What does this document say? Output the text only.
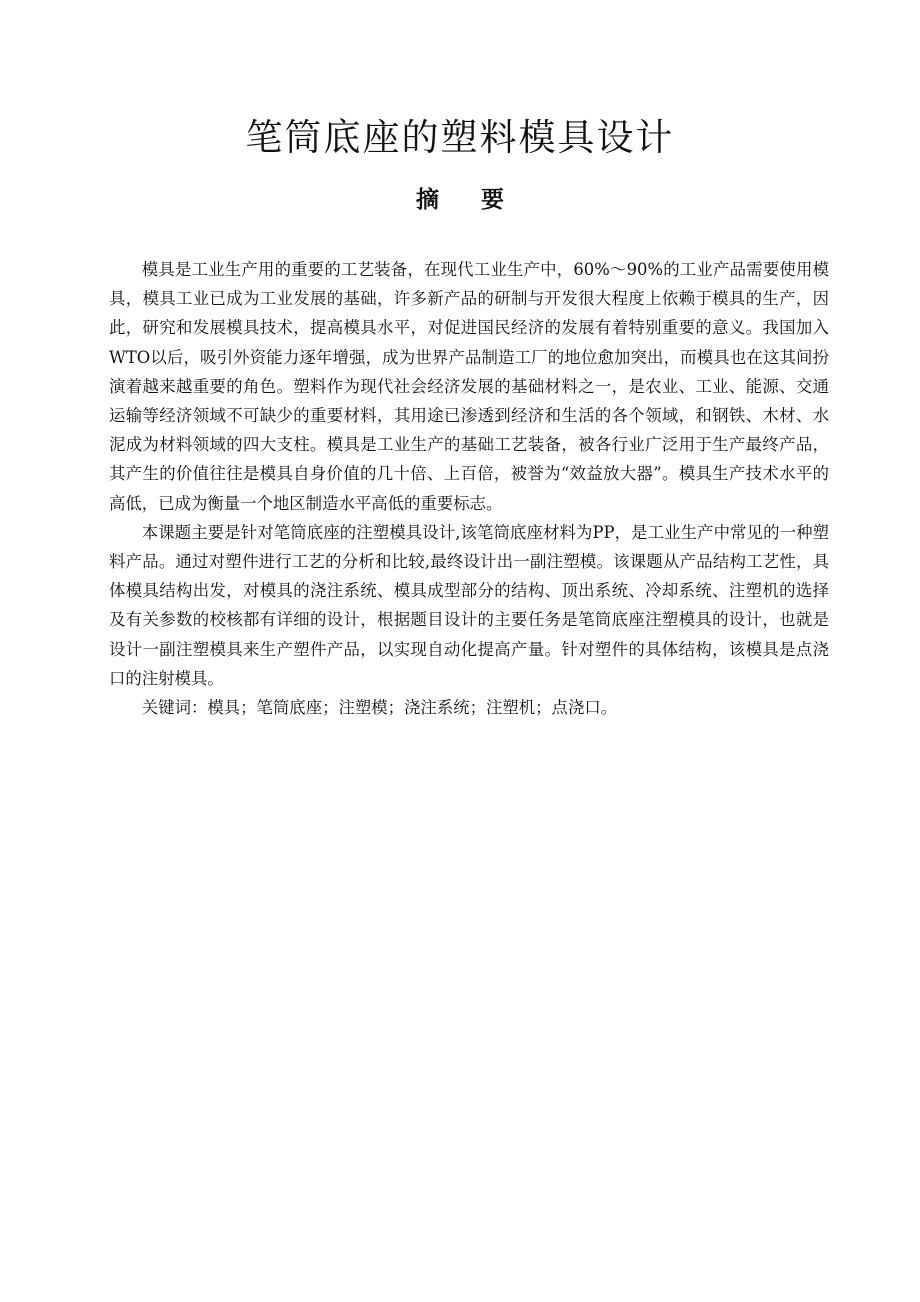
笔筒底座的塑料模具设计
摘 要

模具是工业生产用的重要的工艺装备，在现代工业生产中，60%～90%的工业产品需要使用模具，模具工业已成为工业发展的基础，许多新产品的研制与开发很大程度上依赖于模具的生产，因此，研究和发展模具技术，提高模具水平，对促进国民经济的发展有着特别重要的意义。我国加入WTO以后，吸引外资能力逐年增强，成为世界产品制造工厂的地位愈加突出，而模具也在这其间扮演着越来越重要的角色。塑料作为现代社会经济发展的基础材料之一，是农业、工业、能源、交通运输等经济领域不可缺少的重要材料，其用途已渗透到经济和生活的各个领域，和钢铁、木材、水泥成为材料领域的四大支柱。模具是工业生产的基础工艺装备，被各行业广泛用于生产最终产品，其产生的价值往往是模具自身价值的几十倍、上百倍，被誉为“效益放大器”。模具生产技术水平的高低，已成为衡量一个地区制造水平高低的重要标志。

本课题主要是针对笔筒底座的注塑模具设计,该笔筒底座材料为PP，是工业生产中常见的一种塑料产品。通过对塑件进行工艺的分析和比较,最终设计出一副注塑模。该课题从产品结构工艺性，具体模具结构出发，对模具的浇注系统、模具成型部分的结构、顶出系统、冷却系统、注塑机的选择及有关参数的校核都有详细的设计，根据题目设计的主要任务是笔筒底座注塑模具的设计，也就是设计一副注塑模具来生产塑件产品，以实现自动化提高产量。针对塑件的具体结构，该模具是点浇口的注射模具。

关键词：模具；笔筒底座；注塑模；浇注系统；注塑机；点浇口。
